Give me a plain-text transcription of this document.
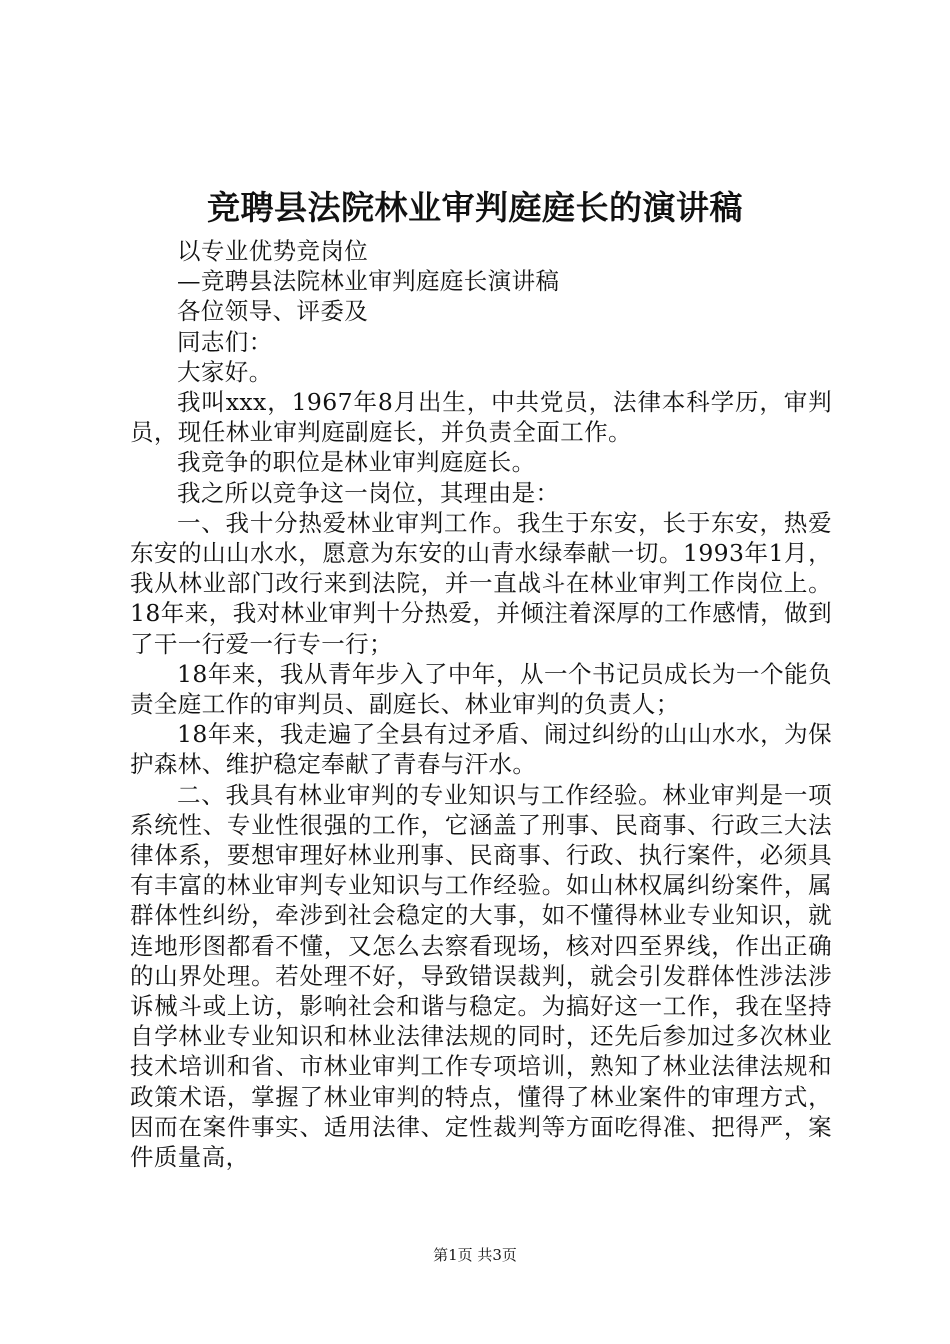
竞聘县法院林业审判庭庭长的演讲稿

以专业优势竞岗位

—竞聘县法院林业审判庭庭长演讲稿

各位领导、评委及

同志们：

大家好。

我叫xxx，1967年8月出生，中共党员，法律本科学历，审判员，现任林业审判庭副庭长，并负责全面工作。

我竞争的职位是林业审判庭庭长。

我之所以竞争这一岗位，其理由是：

一、我十分热爱林业审判工作。我生于东安，长于东安，热爱东安的山山水水，愿意为东安的山青水绿奉献一切。1993年1月，我从林业部门改行来到法院，并一直战斗在林业审判工作岗位上。18年来，我对林业审判十分热爱，并倾注着深厚的工作感情，做到了干一行爱一行专一行；

18年来，我从青年步入了中年，从一个书记员成长为一个能负责全庭工作的审判员、副庭长、林业审判的负责人；

18年来，我走遍了全县有过矛盾、闹过纠纷的山山水水，为保护森林、维护稳定奉献了青春与汗水。

二、我具有林业审判的专业知识与工作经验。林业审判是一项系统性、专业性很强的工作，它涵盖了刑事、民商事、行政三大法律体系，要想审理好林业刑事、民商事、行政、执行案件，必须具有丰富的林业审判专业知识与工作经验。如山林权属纠纷案件，属群体性纠纷，牵涉到社会稳定的大事，如不懂得林业专业知识，就连地形图都看不懂，又怎么去察看现场，核对四至界线，作出正确的山界处理。若处理不好，导致错误裁判，就会引发群体性涉法涉诉械斗或上访，影响社会和谐与稳定。为搞好这一工作，我在坚持自学林业专业知识和林业法律法规的同时，还先后参加过多次林业技术培训和省、市林业审判工作专项培训，熟知了林业法律法规和政策术语，掌握了林业审判的特点，懂得了林业案件的审理方式，因而在案件事实、适用法律、定性裁判等方面吃得准、把得严，案件质量高，

第1页 共3页
